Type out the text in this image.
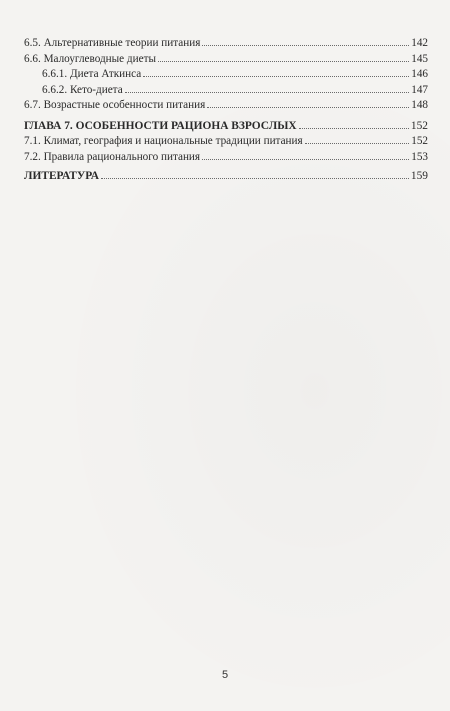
6.5. Альтернативные теории питания	142
6.6. Малоуглеводные диеты	145
6.6.1. Диета Аткинса	146
6.6.2. Кето-диета	147
6.7. Возрастные особенности питания	148
ГЛАВА 7. ОСОБЕННОСТИ РАЦИОНА ВЗРОСЛЫХ	152
7.1. Климат, география и национальные традиции питания	152
7.2. Правила рационального питания	153
ЛИТЕРАТУРА	159
5
